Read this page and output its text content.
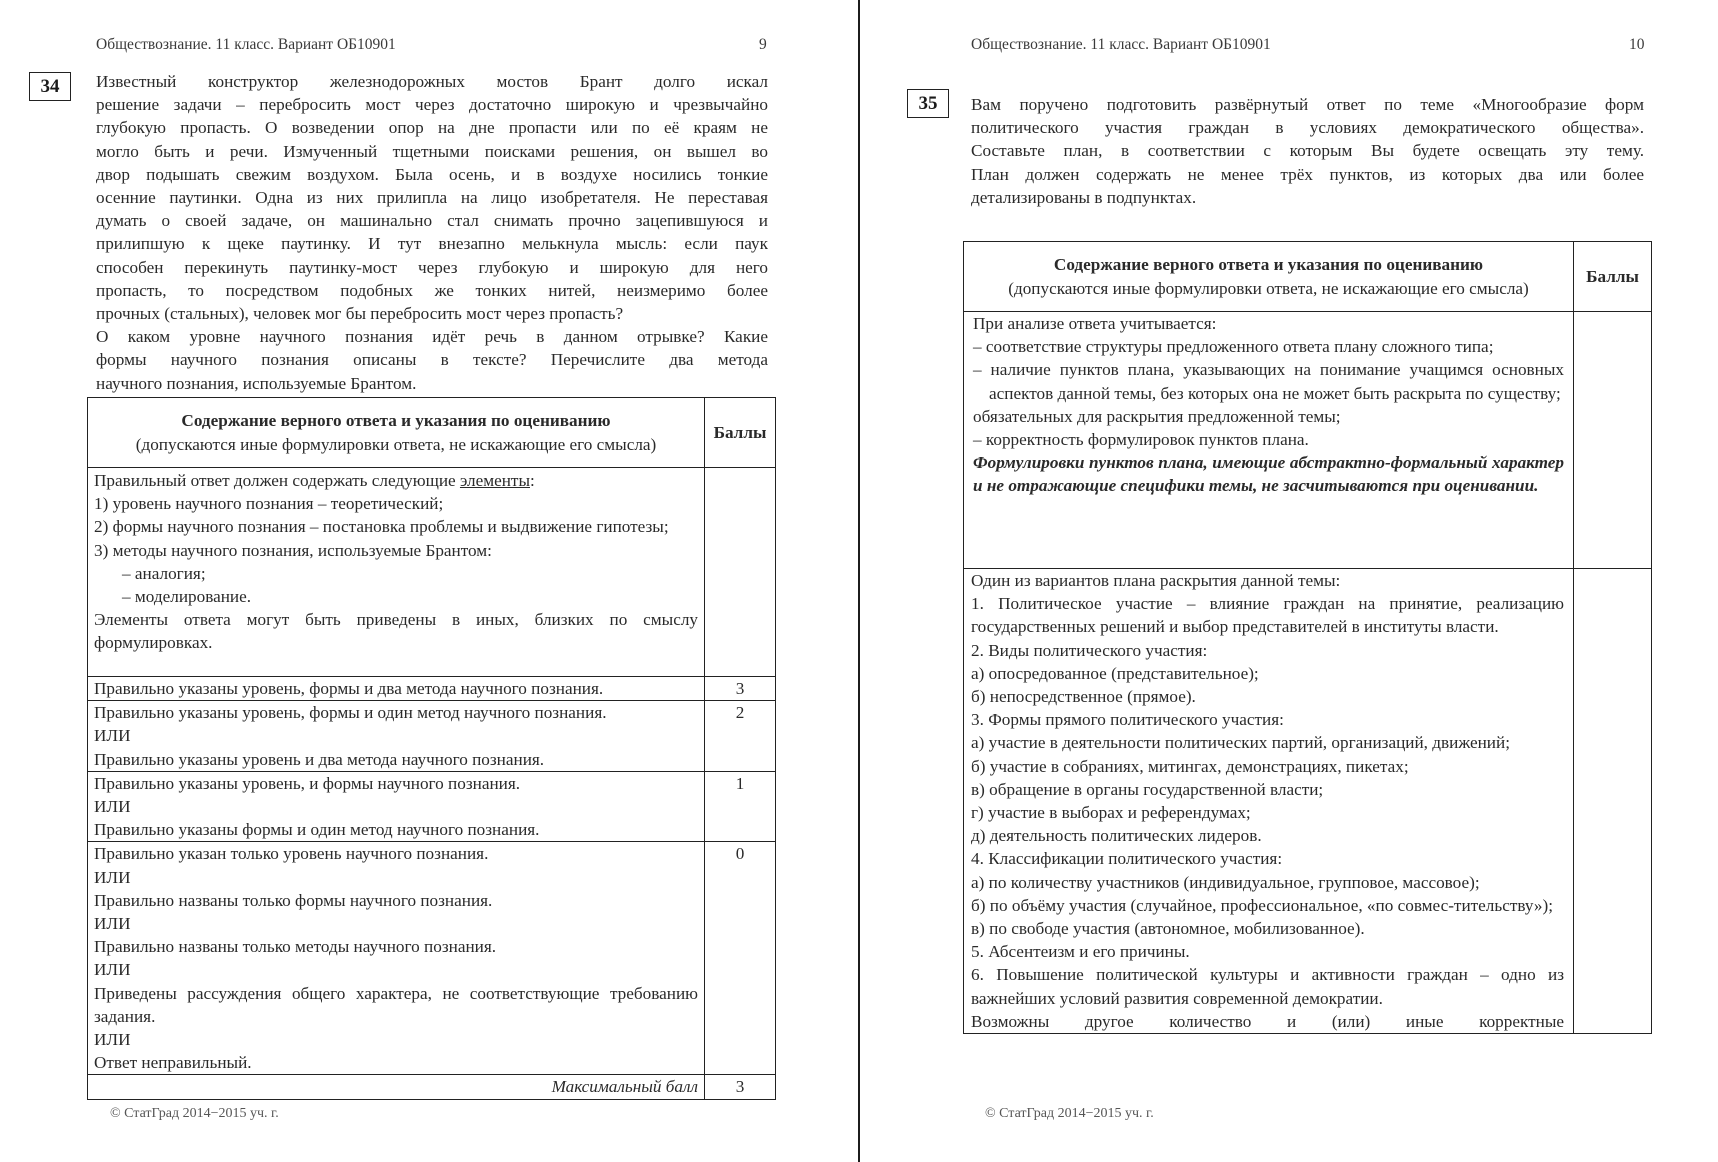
Обществознание. 11 класс. Вариант ОБ10901	9
34	Известный конструктор железнодорожных мостов Брант долго искал

решение задачи – перебросить мост через достаточно широкую и чрезвычайно

глубокую пропасть. О возведении опор на дне пропасти или по её краям не

могло быть и речи. Измученный тщетными поисками решения, он вышел во

двор подышать свежим воздухом. Была осень, и в воздухе носились тонкие

осенние паутинки. Одна из них прилипла на лицо изобретателя. Не переставая

думать о своей задаче, он машинально стал снимать прочно зацепившуюся и

прилипшую к щеке паутинку. И тут внезапно мелькнула мысль: если паук

способен перекинуть паутинку-мост через глубокую и широкую для него

пропасть, то посредством подобных же тонких нитей, неизмеримо более

прочных (стальных), человек мог бы перебросить мост через пропасть?

О каком уровне научного познания идёт речь в данном отрывке? Какие

формы научного познания описаны в тексте? Перечислите два метода

научного познания, используемые Брантом.

Содержание верного ответа и указания по оцениванию
(допускаются иные формулировки ответа, не искажающие его смысла)	Баллы

Правильный ответ должен содержать следующие элементы:
1) уровень научного познания – теоретический;
2) формы научного познания – постановка проблемы и выдвижение гипотезы;
3) методы научного познания, используемые Брантом:
– аналогия;
– моделирование.
Элементы ответа могут быть приведены в иных, близких по смыслу формулировках.

Правильно указаны уровень, формы и два метода научного познания.	3

Правильно указаны уровень, формы и один метод научного познания.
ИЛИ
Правильно указаны уровень и два метода научного познания.	2

Правильно указаны уровень, и формы научного познания.
ИЛИ
Правильно указаны формы и один метод научного познания.	1

Правильно указан только уровень научного познания.
ИЛИ
Правильно названы только формы научного познания.
ИЛИ
Правильно названы только методы научного познания.
ИЛИ
Приведены рассуждения общего характера, не соответствующие требованию задания.
ИЛИ
Ответ неправильный.
	0
Максимальный балл	3
© СтатГрад 2014−2015 уч. г.
Обществознание. 11 класс. Вариант ОБ10901	10
35	Вам поручено подготовить развёрнутый ответ по теме «Многообразие форм

политического участия граждан в условиях демократического общества».

Составьте план, в соответствии с которым Вы будете освещать эту тему.

План должен содержать не менее трёх пунктов, из которых два или более

детализированы в подпунктах.

Содержание верного ответа и указания по оцениванию
(допускаются иные формулировки ответа, не искажающие его смысла)	Баллы

При анализе ответа учитывается:
– соответствие структуры предложенного ответа плану сложного типа;
– наличие пунктов плана, указывающих на понимание учащимся основных аспектов данной темы, без которых она не может быть раскрыта по существу;
обязательных для раскрытия предложенной темы;
– корректность формулировок пунктов плана.
Формулировки пунктов плана, имеющие абстрактно-формальный характер и не отражающие специфики темы, не засчитываются при оценивании.

Один из вариантов плана раскрытия данной темы:
1. Политическое участие – влияние граждан на принятие, реализацию государственных решений и выбор представителей в институты власти.
2. Виды политического участия:
а) опосредованное (представительное);
б) непосредственное (прямое).
3. Формы прямого политического участия:
а) участие в деятельности политических партий, организаций, движений;
б) участие в собраниях, митингах, демонстрациях, пикетах;
в) обращение в органы государственной власти;
г) участие в выборах и референдумах;
д) деятельность политических лидеров.
4. Классификации политического участия:
а) по количеству участников (индивидуальное, групповое, массовое);
б) по объёму участия (случайное, профессиональное, «по совмес-тительству»);
в) по свободе участия (автономное, мобилизованное).
5. Абсентеизм и его причины.
6. Повышение политической культуры и активности граждан – одно из важнейших условий развития современной демократии.
Возможны другое количество и (или) иные корректные

© СтатГрад 2014−2015 уч. г.
